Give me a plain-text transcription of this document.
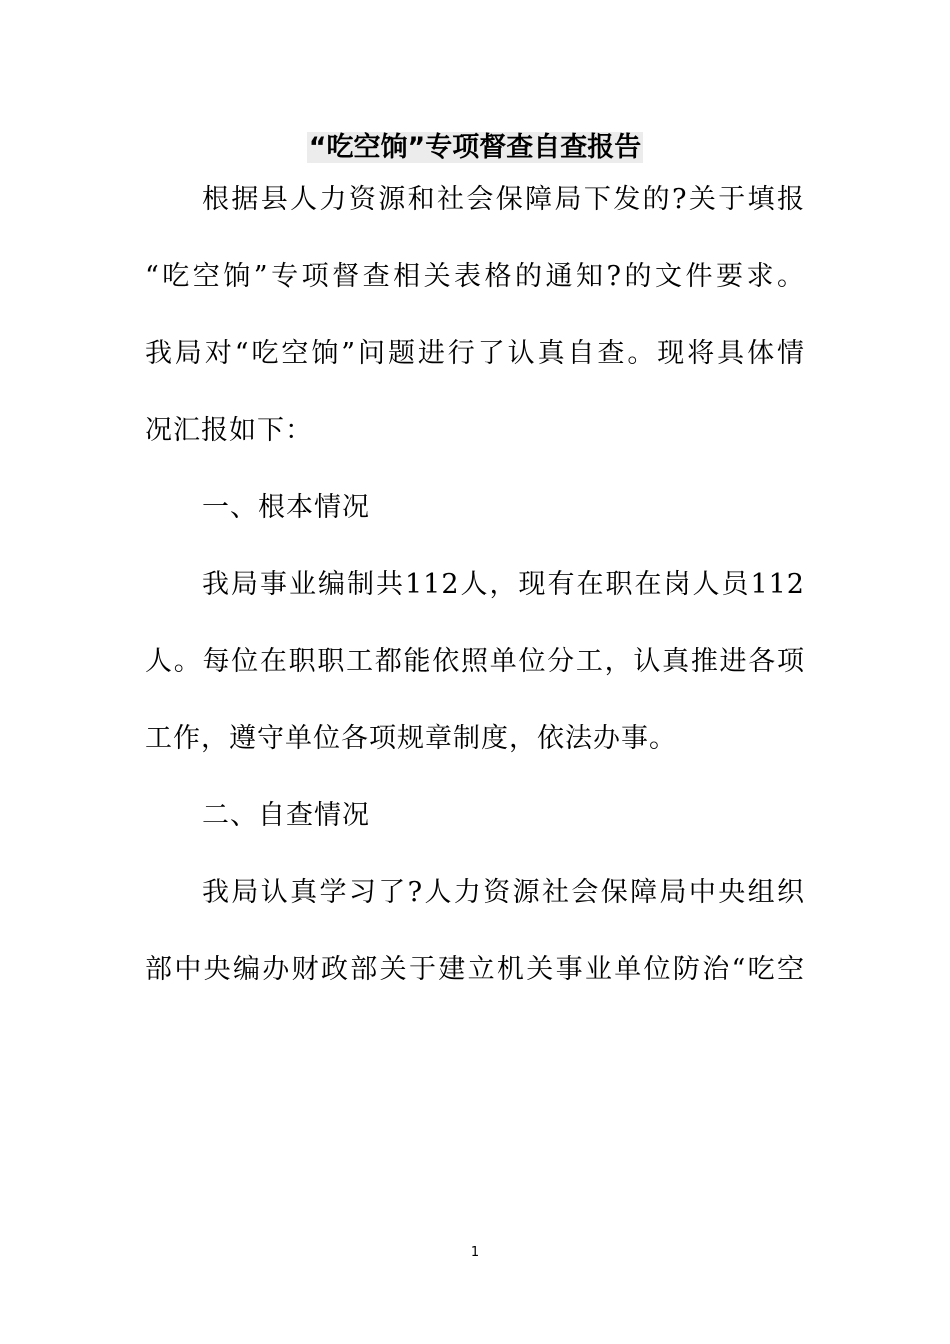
“吃空饷”专项督查自查报告
根据县人力资源和社会保障局下发的?关于填报
“吃空饷”专项督查相关表格的通知?的文件要求。
我局对“吃空饷”问题进行了认真自查。现将具体情
况汇报如下：
一、根本情况
我局事业编制共112人，现有在职在岗人员112
人。每位在职职工都能依照单位分工，认真推进各项
工作，遵守单位各项规章制度，依法办事。
二、自查情况
我局认真学习了?人力资源社会保障局中央组织
部中央编办财政部关于建立机关事业单位防治“吃空
1
